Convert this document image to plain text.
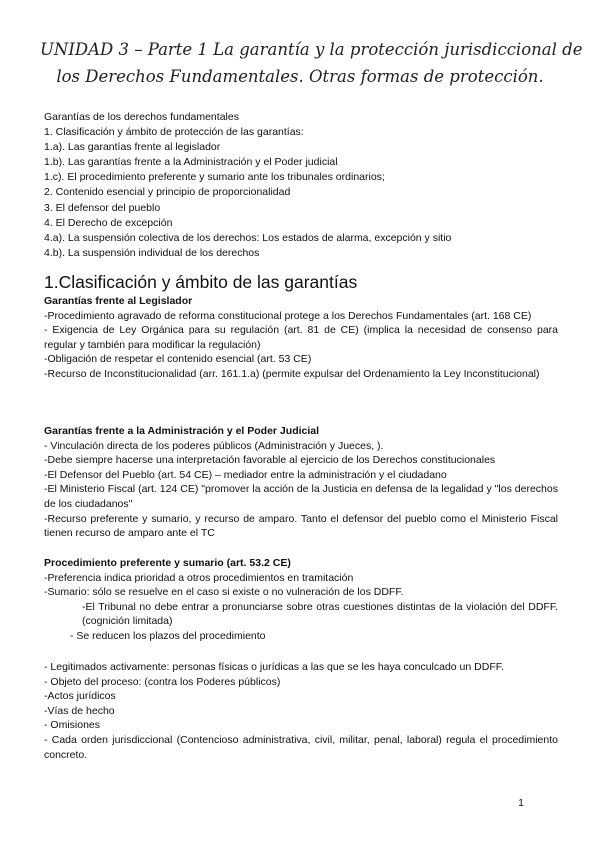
UNIDAD 3 – Parte 1 La garantía y la protección jurisdiccional de
los Derechos Fundamentales. Otras formas de protección.
Garantías de los derechos fundamentales
1. Clasificación y ámbito de protección de las garantías:
1.a). Las garantías frente al legislador
1.b). Las garantías frente a la Administración y el Poder judicial
1.c). El procedimiento preferente y sumario ante los tribunales ordinarios;
2. Contenido esencial y principio de proporcionalidad
3. El defensor del pueblo
4. El Derecho de excepción
4.a). La suspensión colectiva de los derechos: Los estados de alarma, excepción y sitio
4.b). La suspensión individual de los derechos
1.Clasificación y ámbito de las garantías

Garantías frente al Legislador

-Procedimiento agravado de reforma constitucional protege a los Derechos Fundamentales (art. 168 CE)

- Exigencia de Ley Orgánica para su regulación (art. 81 de CE) (implica la necesidad de consenso para regular y también para modificar la regulación)

-Obligación de respetar el contenido esencial (art. 53 CE)

-Recurso de Inconstitucionalidad (arr. 161.1.a) (permite expulsar del Ordenamiento la Ley Inconstitucional)

Garantías frente a la Administración y el Poder Judicial

- Vinculación directa de los poderes públicos (Administración y Jueces, ).

-Debe siempre hacerse una interpretación favorable al ejercicio de los Derechos constitucionales

-El Defensor del Pueblo (art. 54 CE) – mediador entre la administración y el ciudadano

-El Ministerio Fiscal (art. 124 CE) "promover la acción de la Justicia en defensa de la legalidad y "los derechos de los ciudadanos"

-Recurso preferente y sumario, y recurso de amparo. Tanto el defensor del pueblo como el Ministerio Fiscal tienen recurso de amparo ante el TC

Procedimiento preferente y sumario (art. 53.2 CE)

-Preferencia indica prioridad a otros procedimientos en tramitación

-Sumario: sólo se resuelve en el caso si existe o no vulneración de los DDFF.

-El Tribunal no debe entrar a pronunciarse sobre otras cuestiones distintas de la violación del DDFF. (cognición limitada)

- Se reducen los plazos del procedimiento

- Legitimados activamente: personas físicas o jurídicas a las que se les haya conculcado un DDFF.

- Objeto del proceso: (contra los Poderes públicos)

-Actos jurídicos

-Vías de hecho

- Omisiones

- Cada orden jurisdiccional (Contencioso administrativa, civil, militar, penal, laboral) regula el procedimiento concreto.

1
